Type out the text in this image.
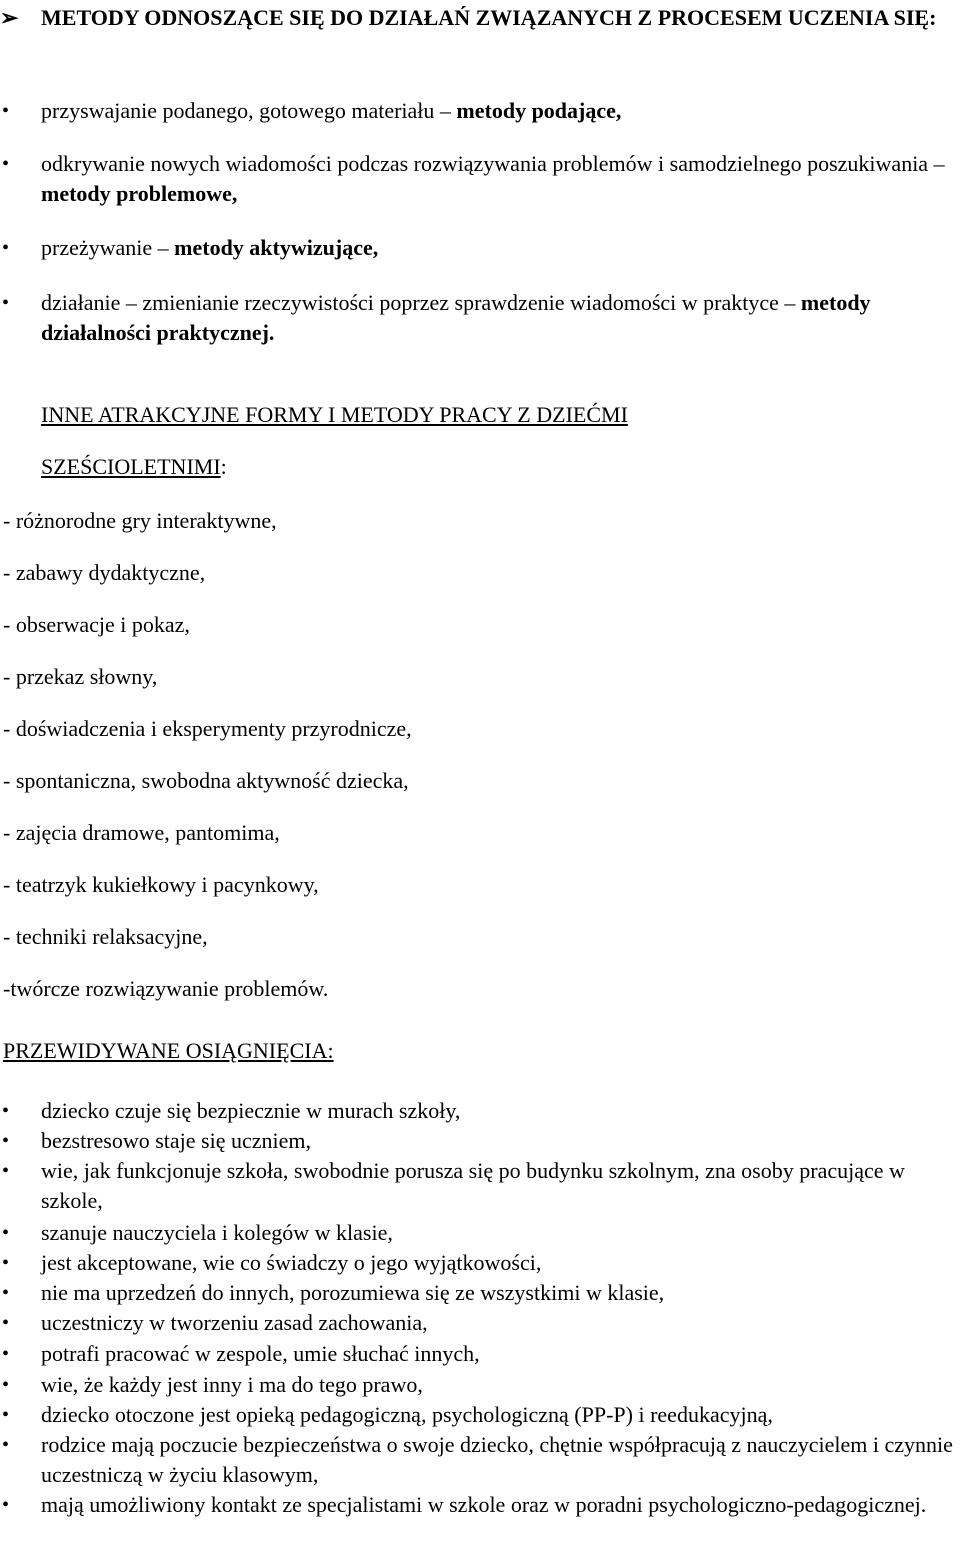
➢	METODY ODNOSZĄCE SIĘ DO DZIAŁAŃ ZWIĄZANYCH Z PROCESEM UCZENIA SIĘ:
•	przyswajanie podanego, gotowego materiału – metody podające,
•	odkrywanie nowych wiadomości podczas rozwiązywania problemów i samodzielnego poszukiwania – metody problemowe,
•	przeżywanie – metody aktywizujące,
•	działanie – zmienianie rzeczywistości poprzez sprawdzenie wiadomości w praktyce – metody działalności praktycznej.
INNE ATRAKCYJNE FORMY I METODY PRACY Z DZIEĆMI
SZEŚCIOLETNIMI:
- różnorodne gry interaktywne,
- zabawy dydaktyczne,
- obserwacje i pokaz,
- przekaz słowny,
- doświadczenia i eksperymenty przyrodnicze,
- spontaniczna, swobodna aktywność dziecka,
- zajęcia dramowe, pantomima,
- teatrzyk kukiełkowy i pacynkowy,
- techniki relaksacyjne,
-twórcze rozwiązywanie problemów.
PRZEWIDYWANE OSIĄGNIĘCIA:
•	dziecko czuje się bezpiecznie w murach szkoły,
•	bezstresowo staje się uczniem,
•	wie, jak funkcjonuje szkoła, swobodnie porusza się po budynku szkolnym, zna osoby pracujące w szkole,
•	szanuje nauczyciela i kolegów w klasie,
•	jest akceptowane, wie co świadczy o jego wyjątkowości,
•	nie ma uprzedzeń do innych, porozumiewa się ze wszystkimi w klasie,
•	uczestniczy w tworzeniu zasad zachowania,
•	potrafi pracować w zespole, umie słuchać innych,
•	wie, że każdy jest inny i ma do tego prawo,
•	dziecko otoczone jest opieką pedagogiczną, psychologiczną (PP-P) i reedukacyjną,
•	rodzice mają poczucie bezpieczeństwa o swoje dziecko, chętnie współpracują z nauczycielem i czynnie uczestniczą w życiu klasowym,
•	mają umożliwiony kontakt ze specjalistami w szkole oraz w poradni psychologiczno-pedagogicznej.
